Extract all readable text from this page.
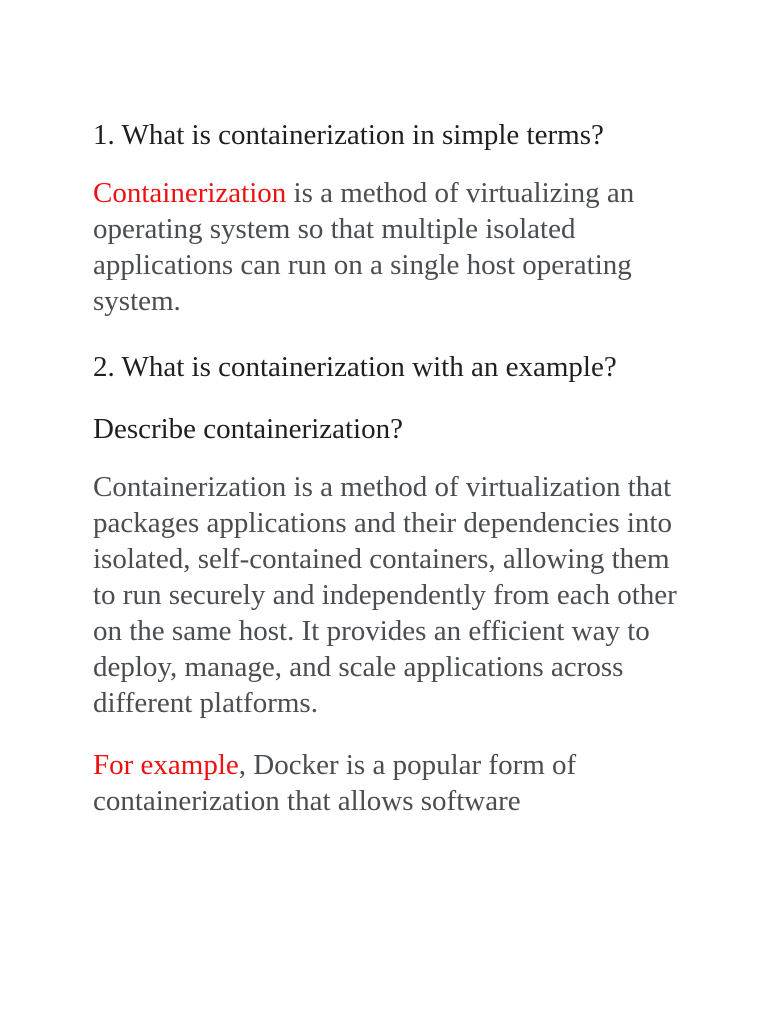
1. What is containerization in simple terms?

Containerization is a method of virtualizing an operating system so that multiple isolated applications can run on a single host operating system.

2. What is containerization with an example?

Describe containerization?

Containerization is a method of virtualization that packages applications and their dependencies into isolated, self-contained containers, allowing them to run securely and independently from each other on the same host. It provides an efficient way to deploy, manage, and scale applications across different platforms.

For example, Docker is a popular form of containerization that allows software
